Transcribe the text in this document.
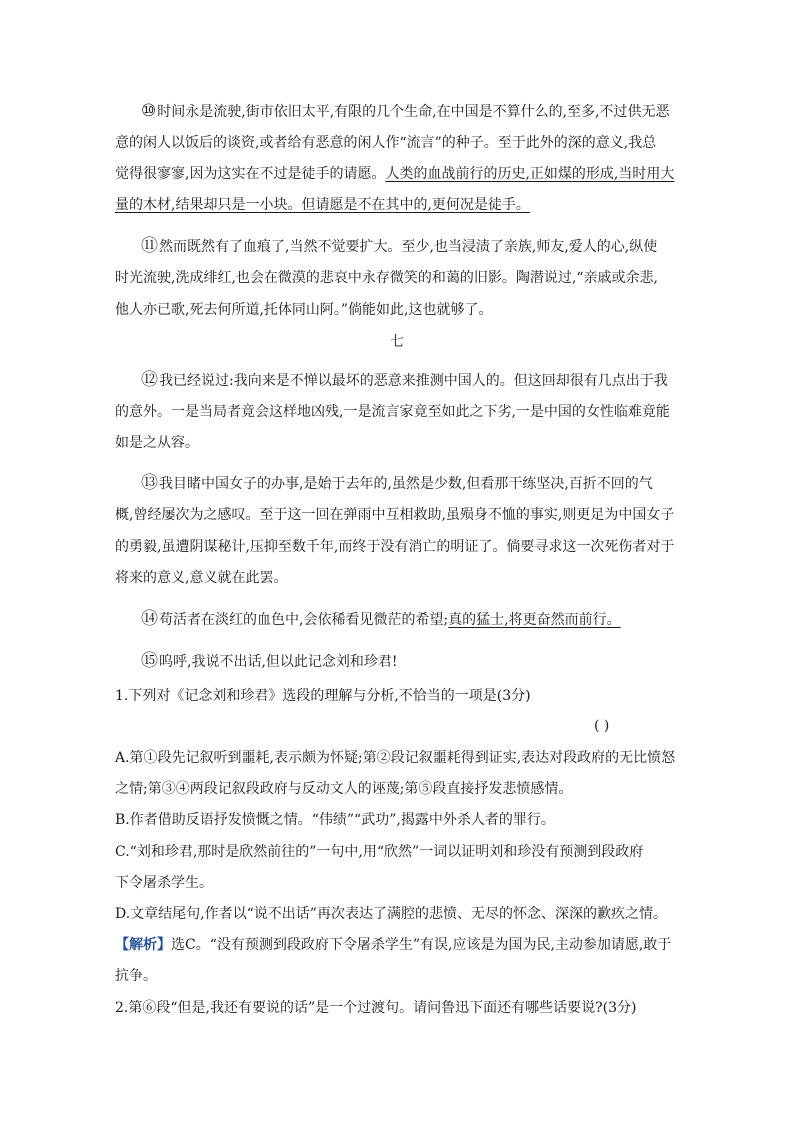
⑩时间永是流驶,街市依旧太平,有限的几个生命,在中国是不算什么的,至多,不过供无恶
意的闲人以饭后的谈资,或者给有恶意的闲人作“流言”的种子。至于此外的深的意义,我总
觉得很寥寥,因为这实在不过是徒手的请愿。人类的血战前行的历史,正如煤的形成,当时用大
量的木材,结果却只是一小块。但请愿是不在其中的,更何况是徒手。
⑪然而既然有了血痕了,当然不觉要扩大。至少,也当浸渍了亲族,师友,爱人的心,纵使
时光流驶,洗成绯红,也会在微漠的悲哀中永存微笑的和蔼的旧影。陶潜说过,“亲戚或余悲,
他人亦已歌,死去何所道,托体同山阿。”倘能如此,这也就够了。
七
⑫我已经说过:我向来是不惮以最坏的恶意来推测中国人的。但这回却很有几点出于我
的意外。一是当局者竟会这样地凶残,一是流言家竟至如此之下劣,一是中国的女性临难竟能
如是之从容。
⑬我目睹中国女子的办事,是始于去年的,虽然是少数,但看那干练坚决,百折不回的气
概,曾经屡次为之感叹。至于这一回在弹雨中互相救助,虽殒身不恤的事实,则更足为中国女子
的勇毅,虽遭阴谋秘计,压抑至数千年,而终于没有消亡的明证了。倘要寻求这一次死伤者对于
将来的意义,意义就在此罢。
⑭苟活者在淡红的血色中,会依稀看见微茫的希望;真的猛士,将更奋然而前行。
⑮呜呼,我说不出话,但以此记念刘和珍君!
1.下列对《记念刘和珍君》选段的理解与分析,不恰当的一项是(3分)
( )
A.第①段先记叙听到噩耗,表示颇为怀疑;第②段记叙噩耗得到证实,表达对段政府的无比愤怒
之情;第③④两段记叙段政府与反动文人的诬蔑;第⑤段直接抒发悲愤感情。
B.作者借助反语抒发愤慨之情。“伟绩”“武功”,揭露中外杀人者的罪行。
C.“刘和珍君,那时是欣然前往的”一句中,用“欣然”一词以证明刘和珍没有预测到段政府
下令屠杀学生。
D.文章结尾句,作者以“说不出话”再次表达了满腔的悲愤、无尽的怀念、深深的歉疚之情。
【解析】选C。“没有预测到段政府下令屠杀学生”有误,应该是为国为民,主动参加请愿,敢于
抗争。
2.第⑥段“但是,我还有要说的话”是一个过渡句。请问鲁迅下面还有哪些话要说?(3分)
